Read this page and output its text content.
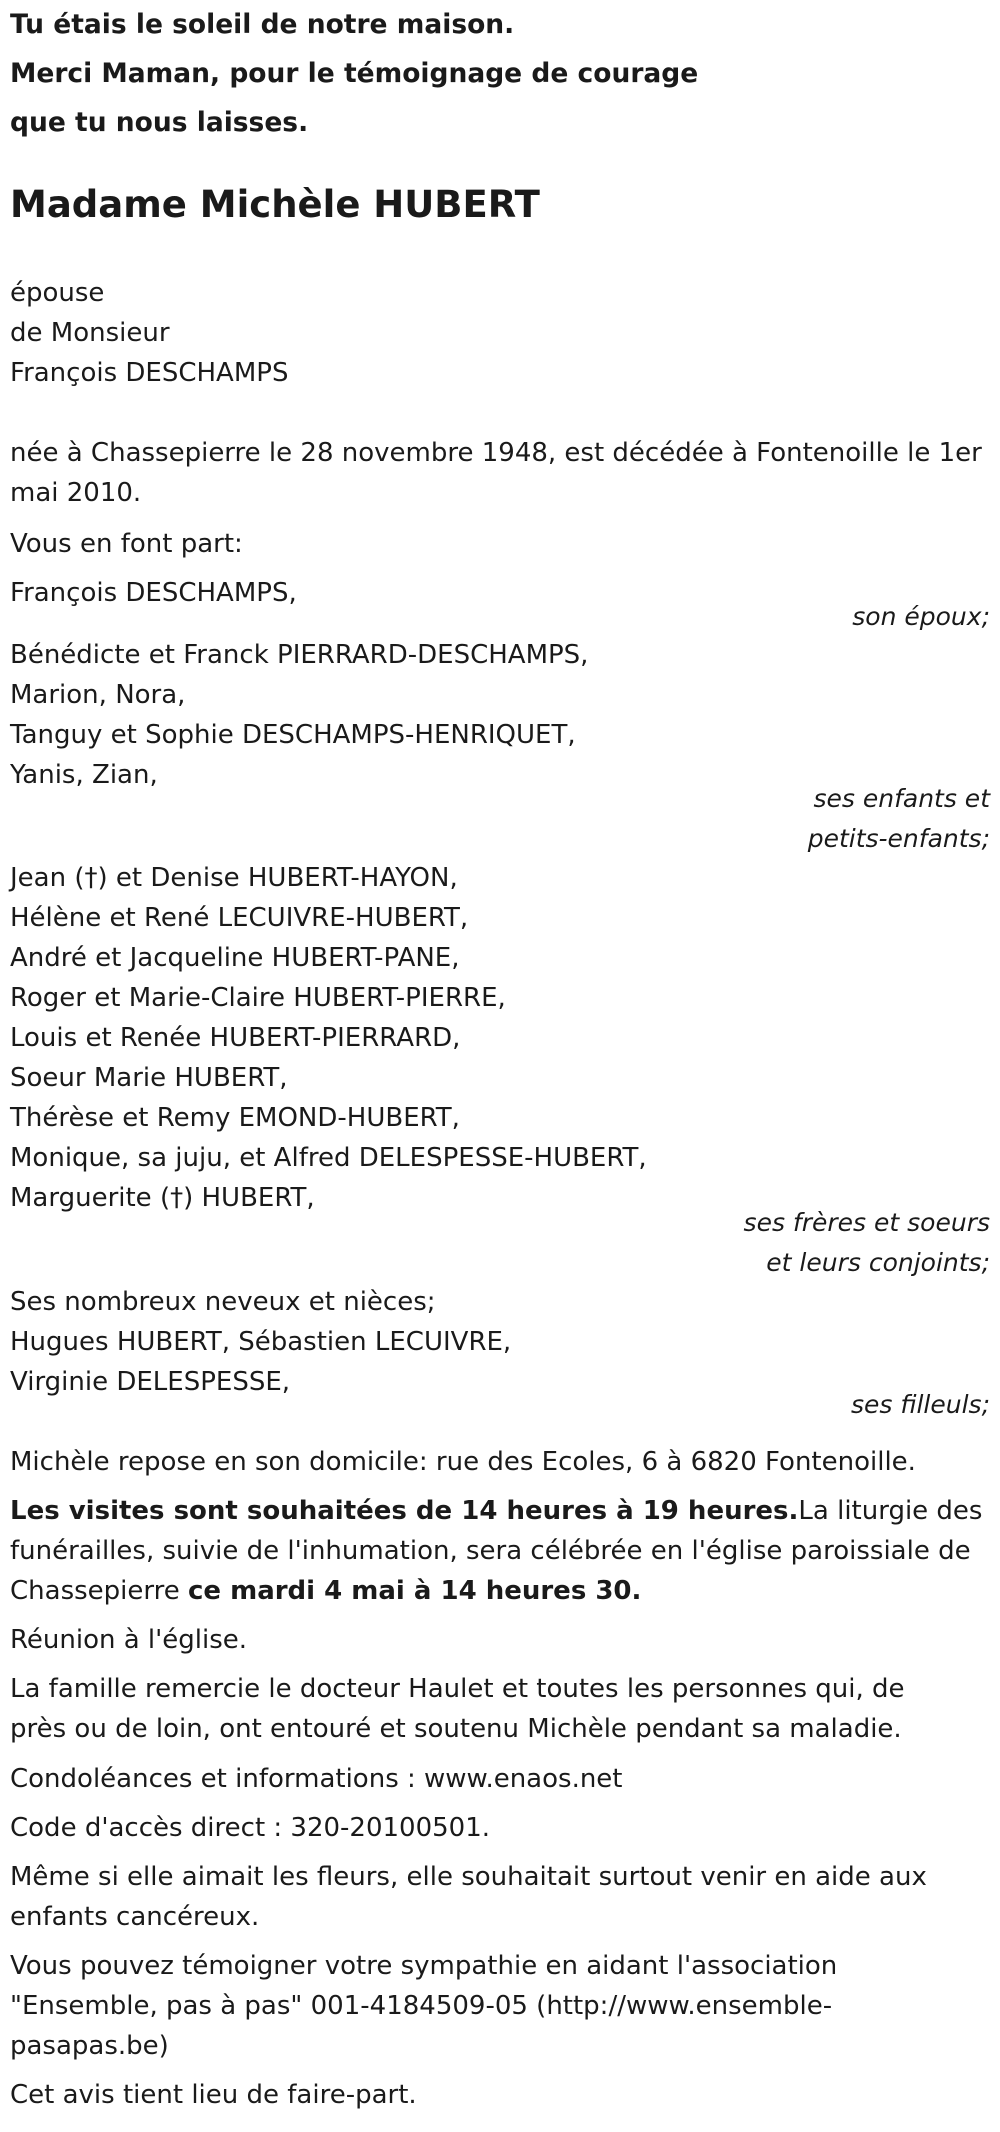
Tu étais le soleil de notre maison.

Merci Maman, pour le témoignage de courage

que tu nous laisses.

Madame Michèle HUBERT

épouse

de Monsieur

François DESCHAMPS

née à Chassepierre le 28 novembre 1948, est décédée à Fontenoille le 1er

mai 2010.

Vous en font part:

François DESCHAMPS,

son époux;

Bénédicte et Franck PIERRARD-DESCHAMPS,

Marion, Nora,

Tanguy et Sophie DESCHAMPS-HENRIQUET,

Yanis, Zian,

ses enfants et

petits-enfants;

Jean (†) et Denise HUBERT-HAYON,

Hélène et René LECUIVRE-HUBERT,

André et Jacqueline HUBERT-PANE,

Roger et Marie-Claire HUBERT-PIERRE,

Louis et Renée HUBERT-PIERRARD,

Soeur Marie HUBERT,

Thérèse et Remy EMOND-HUBERT,

Monique, sa juju, et Alfred DELESPESSE-HUBERT,

Marguerite (†) HUBERT,

ses frères et soeurs

et leurs conjoints;

Ses nombreux neveux et nièces;

Hugues HUBERT, Sébastien LECUIVRE,

Virginie DELESPESSE,

ses filleuls;

Michèle repose en son domicile: rue des Ecoles, 6 à 6820 Fontenoille.

Les visites sont souhaitées de 14 heures à 19 heures.La liturgie des

funérailles, suivie de l'inhumation, sera célébrée en l'église paroissiale de

Chassepierre ce mardi 4 mai à 14 heures 30.

Réunion à l'église.

La famille remercie le docteur Haulet et toutes les personnes qui, de

près ou de loin, ont entouré et soutenu Michèle pendant sa maladie.

Condoléances et informations : www.enaos.net

Code d'accès direct : 320-20100501.

Même si elle aimait les fleurs, elle souhaitait surtout venir en aide aux

enfants cancéreux.

Vous pouvez témoigner votre sympathie en aidant l'association

"Ensemble, pas à pas" 001-4184509-05 (http://www.ensemble-

pasapas.be)

Cet avis tient lieu de faire-part.
